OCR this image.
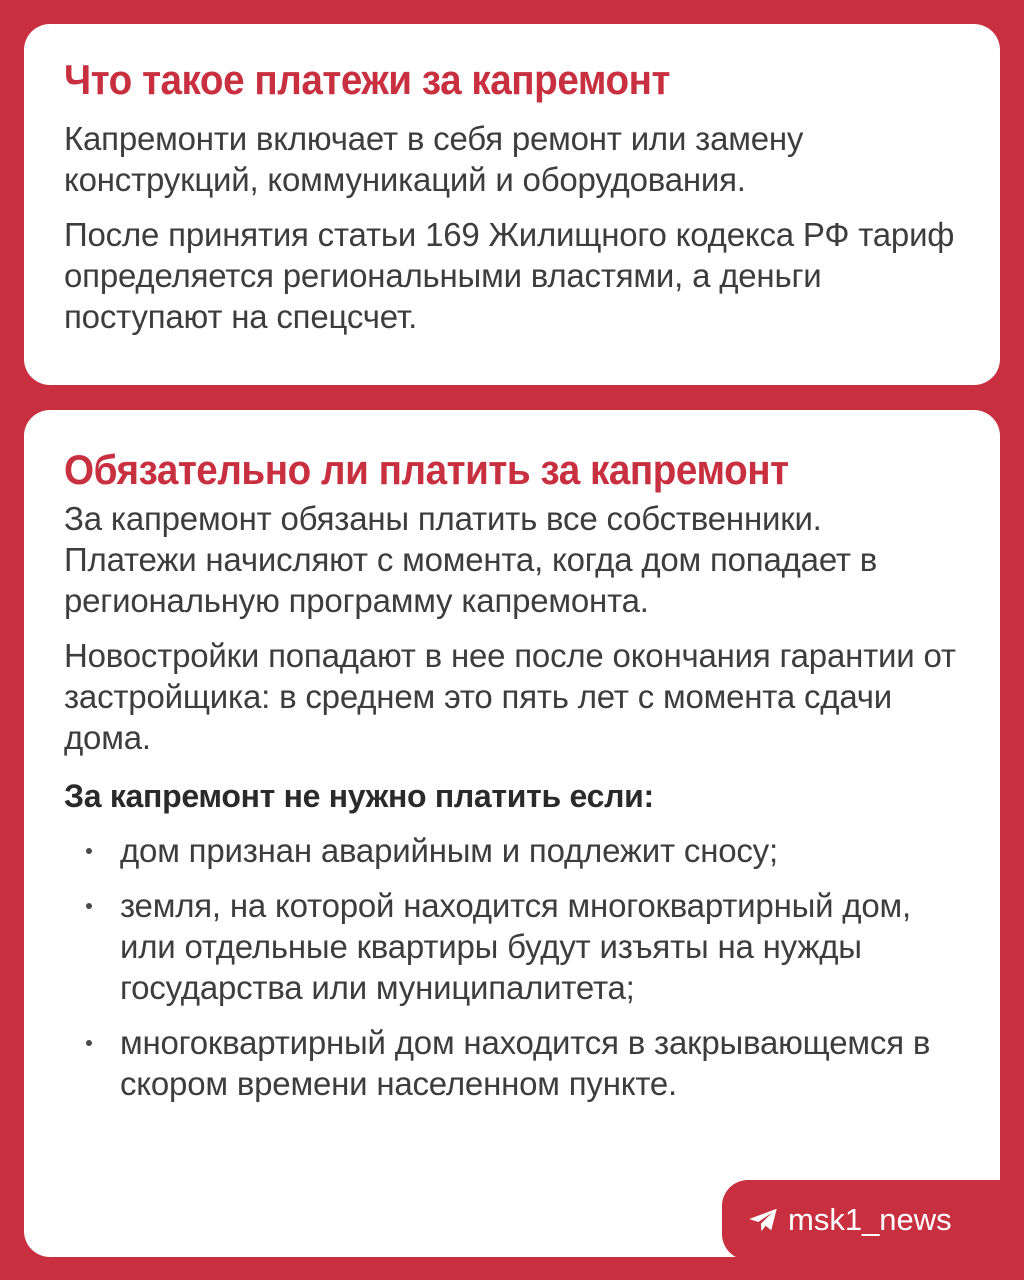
Что такое платежи за капремонт

Капремонти включает в себя ремонт или замену конструкций, коммуникаций и оборудования.

После принятия статьи 169 Жилищного кодекса РФ тариф определяется региональными властями, а деньги поступают на спецсчет.

Обязательно ли платить за капремонт

За капремонт обязаны платить все собственники. Платежи начисляют с момента, когда дом попадает в региональную программу капремонта.

Новостройки попадают в нее после окончания гарантии от застройщика: в среднем это пять лет с момента сдачи дома.

За капремонт не нужно платить если:

дом признан аварийным и подлежит сносу;
земля, на которой находится многоквартирный дом, или отдельные квартиры будут изъяты на нужды государства или муниципалитета;
многоквартирный дом находится в закрывающемся в скором времени населенном пункте.
msk1_news
